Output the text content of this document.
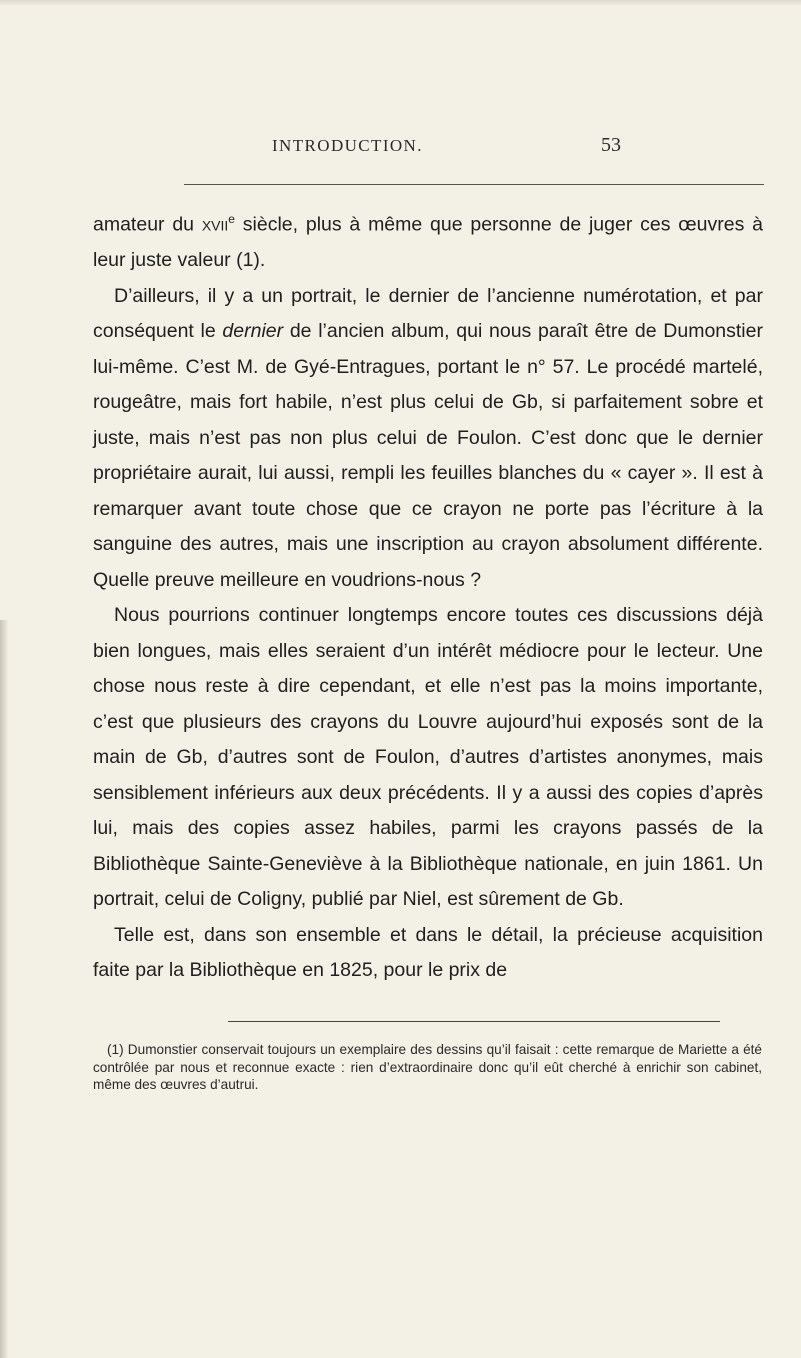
INTRODUCTION.	53

amateur du xvii$^e$ siècle, plus à même que personne de juger ces œuvres à leur juste valeur (1).

D’ailleurs, il y a un portrait, le dernier de l’ancienne numérotation, et par conséquent le dernier de l’ancien album, qui nous paraît être de Dumonstier lui-même. C’est M. de Gyé-Entragues, portant le n° 57. Le procédé martelé, rougeâtre, mais fort habile, n’est plus celui de Gb, si parfaitement sobre et juste, mais n’est pas non plus celui de Foulon. C’est donc que le dernier propriétaire aurait, lui aussi, rempli les feuilles blanches du « cayer ». Il est à remarquer avant toute chose que ce crayon ne porte pas l’écriture à la sanguine des autres, mais une inscription au crayon absolument différente. Quelle preuve meilleure en voudrions-nous ?

Nous pourrions continuer longtemps encore toutes ces discussions déjà bien longues, mais elles seraient d’un intérêt médiocre pour le lecteur. Une chose nous reste à dire cependant, et elle n’est pas la moins importante, c’est que plusieurs des crayons du Louvre aujourd’hui exposés sont de la main de Gb, d’autres sont de Foulon, d’autres d’artistes anonymes, mais sensiblement inférieurs aux deux précédents. Il y a aussi des copies d’après lui, mais des copies assez habiles, parmi les crayons passés de la Bibliothèque Sainte-Geneviève à la Bibliothèque nationale, en juin 1861. Un portrait, celui de Coligny, publié par Niel, est sûrement de Gb.

Telle est, dans son ensemble et dans le détail, la précieuse acquisition faite par la Bibliothèque en 1825, pour le prix de

(1) Dumonstier conservait toujours un exemplaire des dessins qu’il faisait : cette remarque de Mariette a été contrôlée par nous et reconnue exacte : rien d’extraordinaire donc qu’il eût cherché à enrichir son cabinet, même des œuvres d’autrui.
